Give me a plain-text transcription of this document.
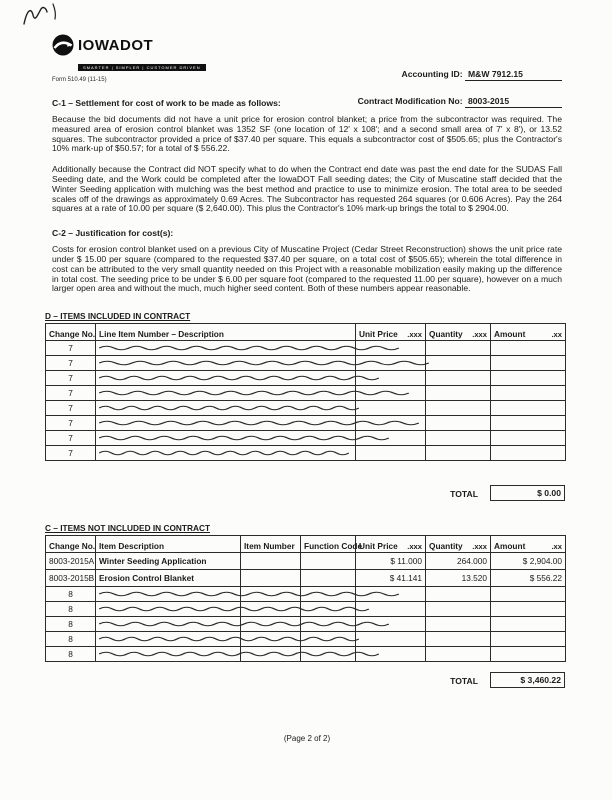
IOWADOT
SMARTER | SIMPLER | CUSTOMER DRIVEN
Form 510.49 (11-15)
Accounting ID: M&W 7912.15
C-1 – Settlement for cost of work to be made as follows:	Contract Modification No: 8003-2015
Because the bid documents did not have a unit price for erosion control blanket; a price from the subcontractor was required. The measured area of erosion control blanket was 1352 SF (one location of 12' x 108'; and a second small area of 7' x 8'), or 13.52 squares. The subcontractor provided a price of $37.40 per square. This equals a subcontractor cost of $505.65; plus the Contractor's 10% mark-up of $50.57; for a total of $ 556.22.
Additionally because the Contract did NOT specify what to do when the Contract end date was past the end date for the SUDAS Fall Seeding date, and the Work could be completed after the IowaDOT Fall seeding dates; the City of Muscatine staff decided that the Winter Seeding application with mulching was the best method and practice to use to minimize erosion. The total area to be seeded scales off of the drawings as approximately 0.69 Acres. The Subcontractor has requested 264 squares (or 0.606 Acres). Pay the 264 squares at a rate of 10.00 per square ($ 2,640.00). This plus the Contractor's 10% mark-up brings the total to $ 2904.00.
C-2 – Justification for cost(s):
Costs for erosion control blanket used on a previous City of Muscatine Project (Cedar Street Reconstruction) shows the unit price rate under $ 15.00 per square (compared to the requested $37.40 per square, on a total cost of $505.65); wherein the total difference in cost can be attributed to the very small quantity needed on this Project with a reasonable mobilization easily making up the difference in total cost. The seeding price to be under $ 6.00 per square foot (compared to the requested 11.00 per square), however on a much larger open area and without the much, much higher seed content. Both of these numbers appear reasonable.
D – ITEMS INCLUDED IN CONTRACT
Change No.	Line Item Number – Description	Unit Price .xxx	Quantity .xxx	Amount .xx

7	

7	

7	

7	

7	

7	

7	

7	

TOTAL	$ 0.00
C – ITEMS NOT INCLUDED IN CONTRACT
Change No.	Item Description	Item Number	Function Code	Unit Price .xxx	Quantity .xxx	Amount .xx

8003-2015A	Winter Seeding Application			$ 11.000	264.000	$ 2,904.00
8003-2015B	Erosion Control Blanket			$ 41.141	13.520	$ 556.22
8	

8	

8	

8	

8	

TOTAL	$ 3,460.22
(Page 2 of 2)
